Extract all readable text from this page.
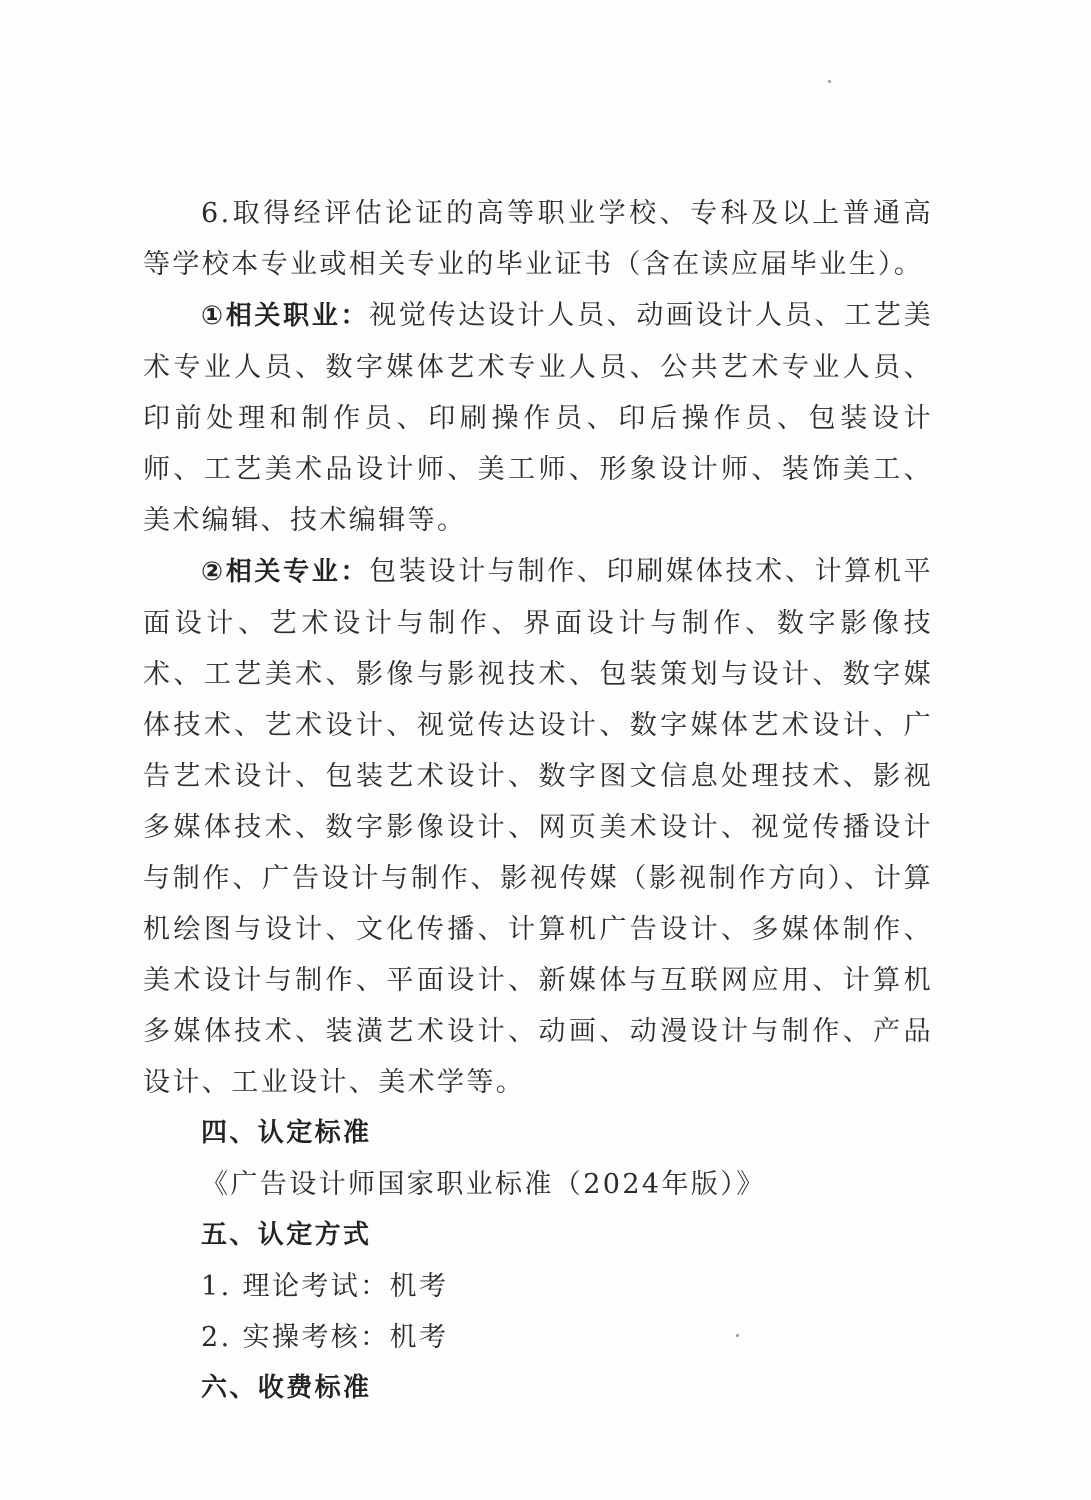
6.取得经评估论证的高等职业学校、专科及以上普通高等学校本专业或相关专业的毕业证书（含在读应届毕业生）。

①相关职业：视觉传达设计人员、动画设计人员、工艺美术专业人员、数字媒体艺术专业人员、公共艺术专业人员、印前处理和制作员、印刷操作员、印后操作员、包装设计师、工艺美术品设计师、美工师、形象设计师、装饰美工、美术编辑、技术编辑等。

②相关专业：包装设计与制作、印刷媒体技术、计算机平面设计、艺术设计与制作、界面设计与制作、数字影像技术、工艺美术、影像与影视技术、包装策划与设计、数字媒体技术、艺术设计、视觉传达设计、数字媒体艺术设计、广告艺术设计、包装艺术设计、数字图文信息处理技术、影视多媒体技术、数字影像设计、网页美术设计、视觉传播设计与制作、广告设计与制作、影视传媒（影视制作方向）、计算机绘图与设计、文化传播、计算机广告设计、多媒体制作、美术设计与制作、平面设计、新媒体与互联网应用、计算机多媒体技术、装潢艺术设计、动画、动漫设计与制作、产品设计、工业设计、美术学等。

四、认定标准

《广告设计师国家职业标准（2024年版）》

五、认定方式

1. 理论考试：机考

2. 实操考核：机考

六、收费标准
